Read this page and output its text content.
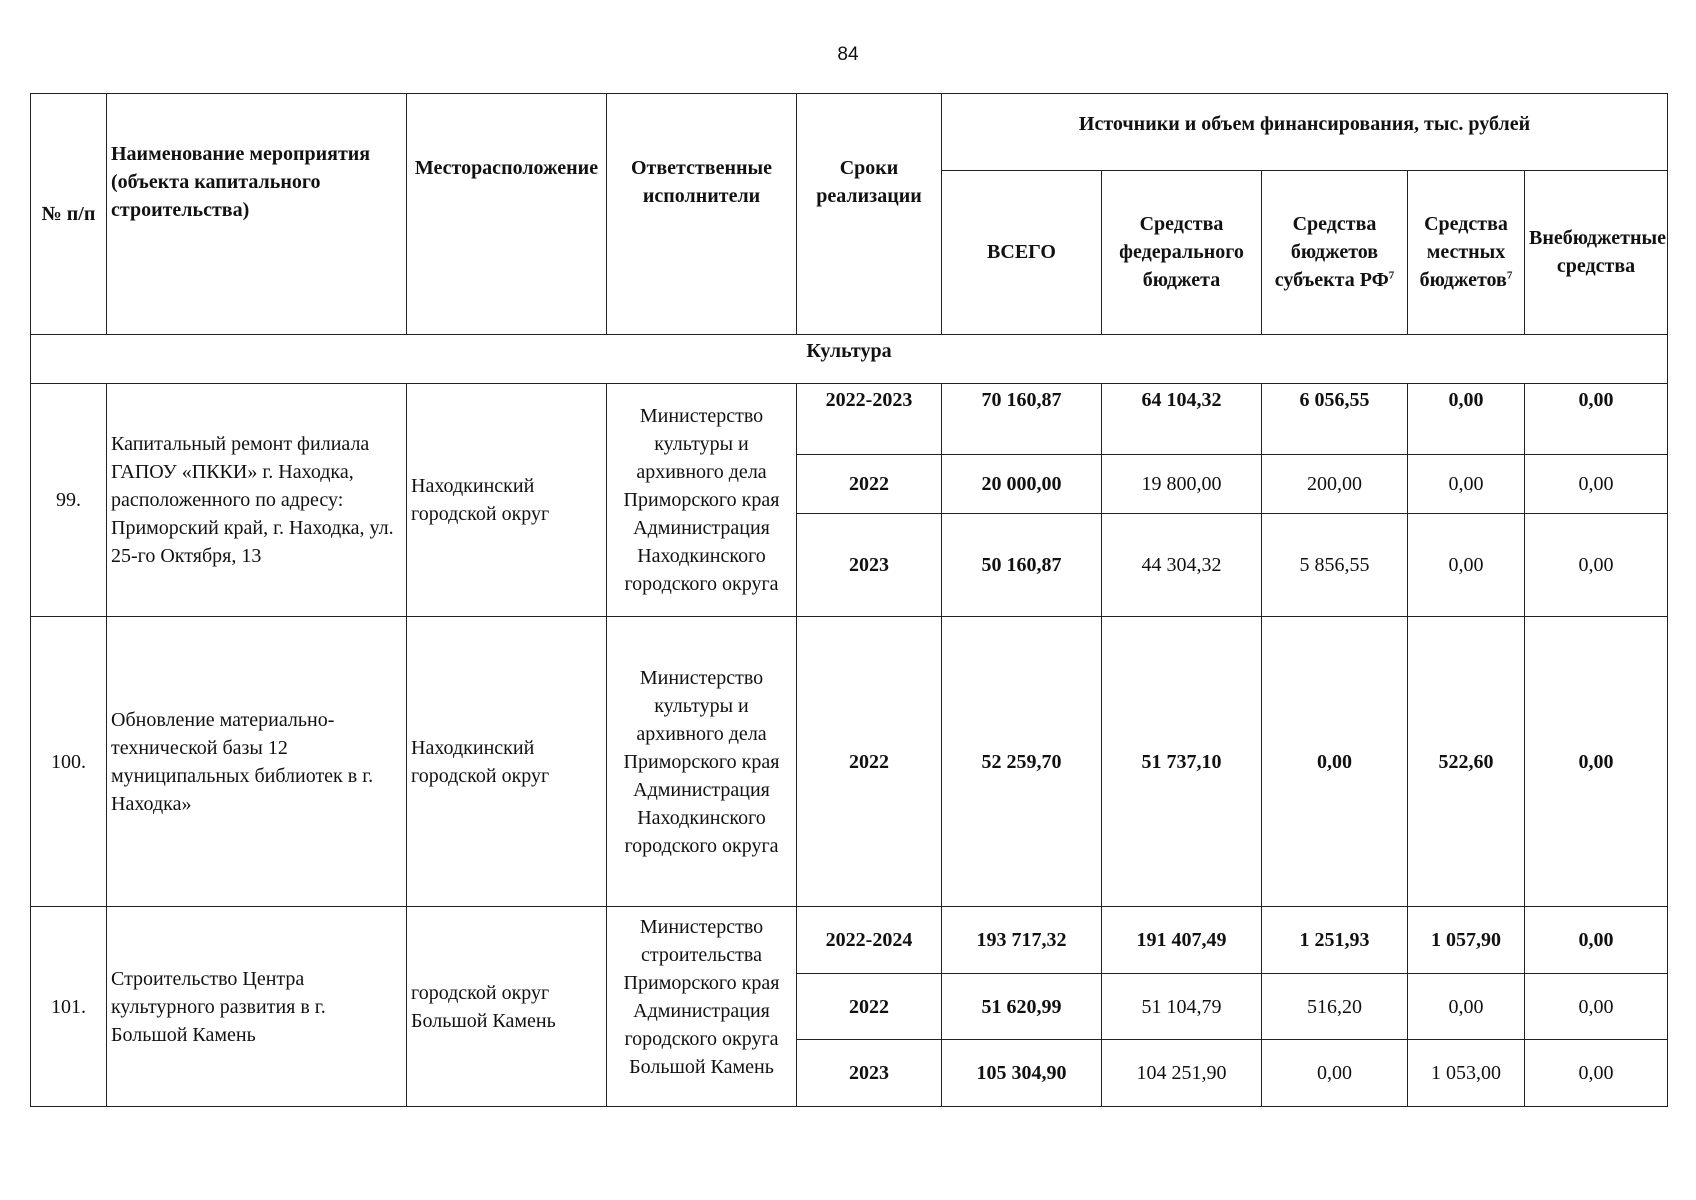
84
№ п/п	Наименование мероприятия (объекта капитального строительства)	Месторасположение	Ответственные исполнители	Сроки реализации	Источники и объем финансирования, тыс. рублей				
					ВСЕГО	Средства федерального бюджета	Средства бюджетов субъекта $РФ^7$	Средства местных бюджетов$^7$	Внебюджетные средства
Культура									
99.	Капитальный ремонт филиала ГАПОУ «ПККИ» г. Находка, расположенного по адресу: Приморский край, г. Находка, ул. 25-го Октября, 13	Находкинский городской округ	Министерство культуры и архивного дела Приморского края Администрация Находкинского городского округа	2022-2023	70 160,87	64 104,32	6 056,55	0,00	0,00
				2022	20 000,00	19 800,00	200,00	0,00	0,00
				2023	50 160,87	44 304,32	5 856,55	0,00	0,00
100.	Обновление материально-технической базы 12 муниципальных библиотек в г. Находка»	Находкинский городской округ	Министерство культуры и архивного дела Приморского края Администрация Находкинского городского округа	2022	52 259,70	51 737,10	0,00	522,60	0,00
101.	Строительство Центра культурного развития в г. Большой Камень	городской округ Большой Камень	Министерство строительства Приморского края Администрация городского округа Большой Камень	2022-2024	193 717,32	191 407,49	1 251,93	1 057,90	0,00
				2022	51 620,99	51 104,79	516,20	0,00	0,00
				2023	105 304,90	104 251,90	0,00	1 053,00	0,00
